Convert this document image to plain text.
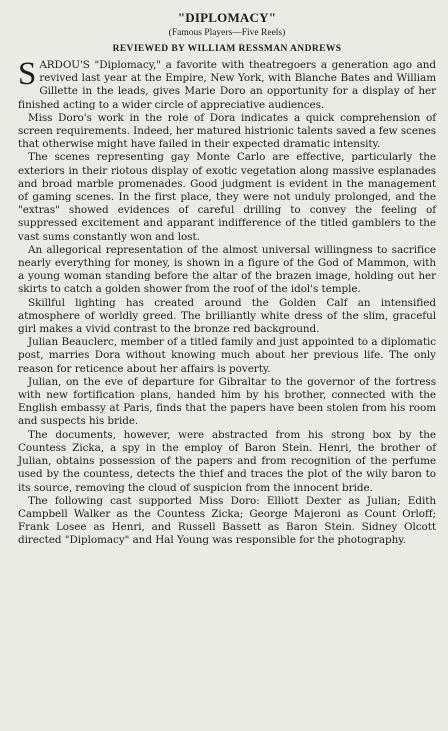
"DIPLOMACY"
(Famous Players—Five Reels)
REVIEWED BY WILLIAM RESSMAN ANDREWS

SARDOU'S "Diplomacy," a favorite with theatregoers a generation ago and revived last year at the Empire, New York, with Blanche Bates and William Gillette in the leads, gives Marie Doro an opportunity for a display of her finished acting to a wider circle of appreciative audiences.

Miss Doro's work in the role of Dora indicates a quick comprehension of screen requirements. Indeed, her matured histrionic talents saved a few scenes that otherwise might have failed in their expected dramatic intensity.

The scenes representing gay Monte Carlo are effective, particularly the exteriors in their riotous display of exotic vegetation along massive esplanades and broad marble promenades. Good judgment is evident in the management of gaming scenes. In the first place, they were not unduly prolonged, and the "extras" showed evidences of careful drilling to convey the feeling of suppressed excitement and apparant indifference of the titled gamblers to the vast sums constantly won and lost.

An allegorical representation of the almost universal willingness to sacrifice nearly everything for money, is shown in a figure of the God of Mammon, with a young woman standing before the altar of the brazen image, holding out her skirts to catch a golden shower from the roof of the idol's temple.

Skillful lighting has created around the Golden Calf an intensified atmosphere of worldly greed. The brilliantly white dress of the slim, graceful girl makes a vivid contrast to the bronze red background.

Julian Beauclerc, member of a titled family and just appointed to a diplomatic post, marries Dora without knowing much about her previous life. The only reason for reticence about her affairs is poverty.

Julian, on the eve of departure for Gibraltar to the governor of the fortress with new fortification plans, handed him by his brother, connected with the English embassy at Paris, finds that the papers have been stolen from his room and suspects his bride.

The documents, however, were abstracted from his strong box by the Countess Zicka, a spy in the employ of Baron Stein. Henri, the brother of Julian, obtains possession of the papers and from recognition of the perfume used by the countess, detects the thief and traces the plot of the wily baron to its source, removing the cloud of suspicion from the innocent bride.

The following cast supported Miss Doro: Elliott Dexter as Julian; Edith Campbell Walker as the Countess Zicka; George Majeroni as Count Orloff; Frank Losee as Henri, and Russell Bassett as Baron Stein. Sidney Olcott directed "Diplomacy" and Hal Young was responsible for the photography.
